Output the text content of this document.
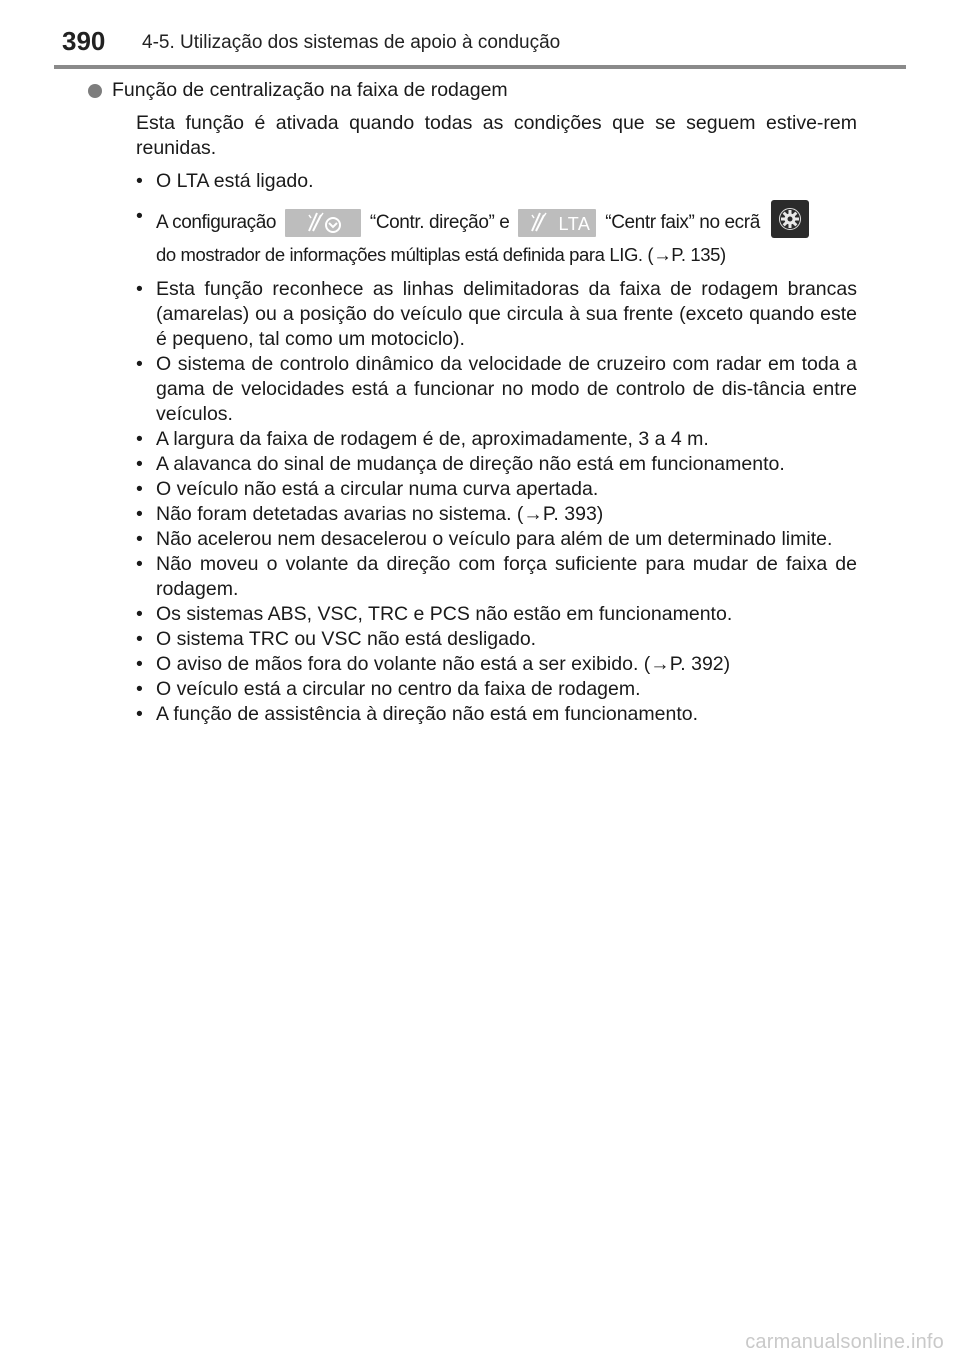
390 4-5. Utilização dos sistemas de apoio à condução
Função de centralização na faixa de rodagem

Esta função é ativada quando todas as condições que se seguem estive-rem reunidas.

• O LTA está ligado.
• A configuração	“Contr. direção” e	LTA “Centr faix” no ecrã
do mostrador de informações múltiplas está definida para LIG. (→P. 135)
• Esta função reconhece as linhas delimitadoras da faixa de rodagem brancas (amarelas) ou a posição do veículo que circula à sua frente (exceto quando este é pequeno, tal como um motociclo).
• O sistema de controlo dinâmico da velocidade de cruzeiro com radar em toda a gama de velocidades está a funcionar no modo de controlo de dis-tância entre veículos.
• A largura da faixa de rodagem é de, aproximadamente, 3 a 4 m.
• A alavanca do sinal de mudança de direção não está em funcionamento.
• O veículo não está a circular numa curva apertada.
• Não foram detetadas avarias no sistema. (→P. 393)
• Não acelerou nem desacelerou o veículo para além de um determinado limite.
• Não moveu o volante da direção com força suficiente para mudar de faixa de rodagem.
• Os sistemas ABS, VSC, TRC e PCS não estão em funcionamento.
• O sistema TRC ou VSC não está desligado.
• O aviso de mãos fora do volante não está a ser exibido. (→P. 392)
• O veículo está a circular no centro da faixa de rodagem.
• A função de assistência à direção não está em funcionamento.
carmanualsonline.info
